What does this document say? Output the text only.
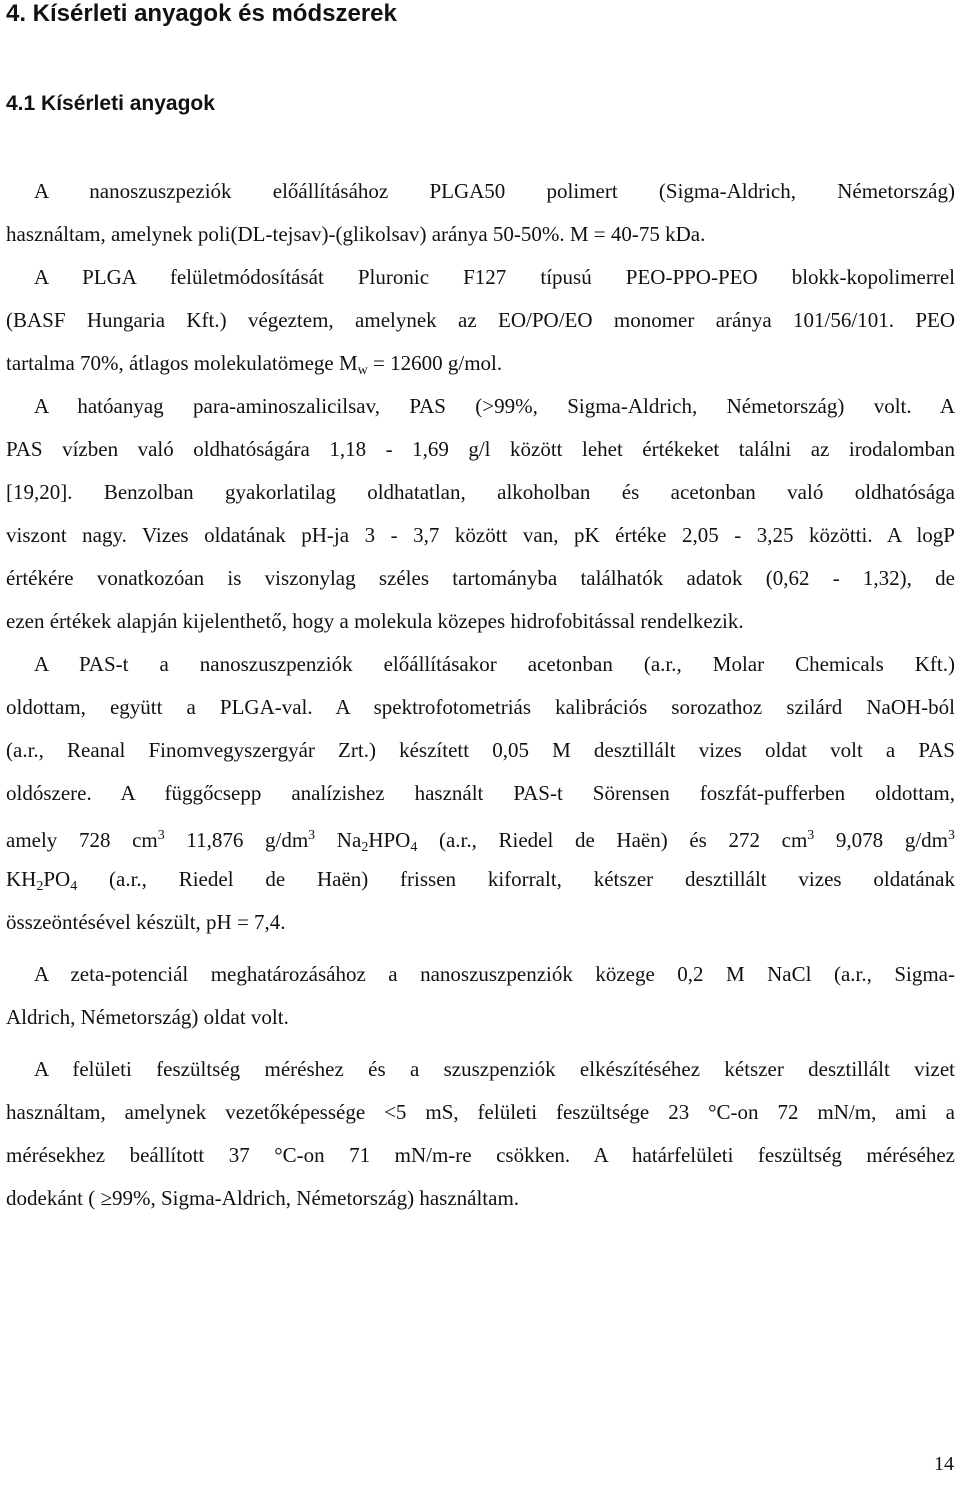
4. Kísérleti anyagok és módszerek
4.1 Kísérleti anyagok
A nanoszuszpeziók előállításához PLGA50 polimert (Sigma-Aldrich, Németország)
használtam, amelynek poli(DL-tejsav)-(glikolsav) aránya 50-50%. M = 40-75 kDa.
A PLGA felületmódosítását Pluronic F127 típusú PEO-PPO-PEO blokk-kopolimerrel
(BASF Hungaria Kft.) végeztem, amelynek az EO/PO/EO monomer aránya 101/56/101. PEO
tartalma 70%, átlagos molekulatömege $M_w = 12600$ g/mol.
A hatóanyag para-aminoszalicilsav, PAS (>99%, Sigma-Aldrich, Németország) volt. A
PAS vízben való oldhatóságára 1,18 - 1,69 g/l között lehet értékeket találni az irodalomban
[19,20]. Benzolban gyakorlatilag oldhatatlan, alkoholban és acetonban való oldhatósága
viszont nagy. Vizes oldatának pH-ja 3 - 3,7 között van, pK értéke 2,05 - 3,25 közötti. A logP
értékére vonatkozóan is viszonylag széles tartományba találhatók adatok (0,62 - 1,32), de
ezen értékek alapján kijelenthető, hogy a molekula közepes hidrofobitással rendelkezik.
A PAS-t a nanoszuszpenziók előállításakor acetonban (a.r., Molar Chemicals Kft.)
oldottam, együtt a PLGA-val. A spektrofotometriás kalibrációs sorozathoz szilárd NaOH-ból
(a.r., Reanal Finomvegyszergyár Zrt.) készített 0,05 M desztillált vizes oldat volt a PAS
oldószere. A függőcsepp analízishez használt PAS-t Sörensen foszfát-pufferben oldottam,
amely 728 $cm^3$ 11,876 $g/dm^3$ $Na_2HPO_4$ (a.r., Riedel de Haën) és 272 $cm^3$ 9,078 $g/dm^3$
$KH_2PO_4$ (a.r., Riedel de Haën) frissen kiforralt, kétszer desztillált vizes oldatának
összeöntésével készült, pH = 7,4.
A zeta-potenciál meghatározásához a nanoszuszpenziók közege 0,2 M NaCl (a.r., Sigma-
Aldrich, Németország) oldat volt.
A felületi feszültség méréshez és a szuszpenziók elkészítéséhez kétszer desztillált vizet
használtam, amelynek vezetőképessége <5 mS, felületi feszültsége 23 °C-on 72 mN/m, ami a
mérésekhez beállított 37 °C-on 71 mN/m-re csökken. A határfelületi feszültség méréséhez
dodekánt ( ≥99%, Sigma-Aldrich, Németország) használtam.
14
